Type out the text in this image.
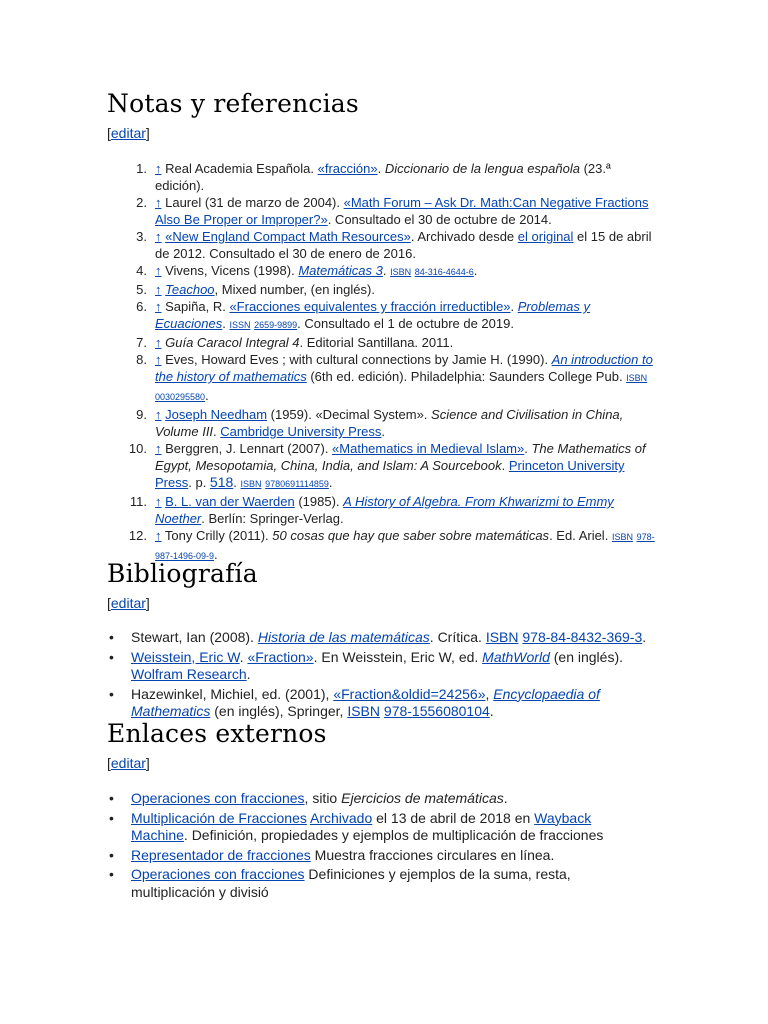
Notas y referencias
[editar]
1. ↑ Real Academia Española. «fracción». Diccionario de la lengua española (23.ª edición).
2. ↑ Laurel (31 de marzo de 2004). «Math Forum – Ask Dr. Math:Can Negative Fractions Also Be Proper or Improper?». Consultado el 30 de octubre de 2014.
3. ↑ «New England Compact Math Resources». Archivado desde el original el 15 de abril de 2012. Consultado el 30 de enero de 2016.
4. ↑ Vivens, Vicens (1998). Matemáticas 3. ISBN 84-316-4644-6.
5. ↑ Teachoo, Mixed number, (en inglés).
6. ↑ Sapiña, R. «Fracciones equivalentes y fracción irreductible». Problemas y Ecuaciones. ISSN 2659-9899. Consultado el 1 de octubre de 2019.
7. ↑ Guía Caracol Integral 4. Editorial Santillana. 2011.
8. ↑ Eves, Howard Eves ; with cultural connections by Jamie H. (1990). An introduction to the history of mathematics (6th ed. edición). Philadelphia: Saunders College Pub. ISBN 0030295580.
9. ↑ Joseph Needham (1959). «Decimal System». Science and Civilisation in China, Volume III. Cambridge University Press.
10. ↑ Berggren, J. Lennart (2007). «Mathematics in Medieval Islam». The Mathematics of Egypt, Mesopotamia, China, India, and Islam: A Sourcebook. Princeton University Press. p. 518. ISBN 9780691114859.
11. ↑ B. L. van der Waerden (1985). A History of Algebra. From Khwarizmi to Emmy Noether. Berlín: Springer-Verlag.
12. ↑ Tony Crilly (2011). 50 cosas que hay que saber sobre matemáticas. Ed. Ariel. ISBN 978-987-1496-09-9.
Bibliografía
[editar]
• Stewart, Ian (2008). Historia de las matemáticas. Crítica. ISBN 978-84-8432-369-3.
• Weisstein, Eric W. «Fraction». En Weisstein, Eric W, ed. MathWorld (en inglés). Wolfram Research.
• Hazewinkel, Michiel, ed. (2001), «Fraction&oldid=24256», Encyclopaedia of Mathematics (en inglés), Springer, ISBN 978-1556080104.
Enlaces externos
[editar]
• Operaciones con fracciones, sitio Ejercicios de matemáticas.
• Multiplicación de Fracciones Archivado el 13 de abril de 2018 en Wayback Machine. Definición, propiedades y ejemplos de multiplicación de fracciones
• Representador de fracciones Muestra fracciones circulares en línea.
• Operaciones con fracciones Definiciones y ejemplos de la suma, resta, multiplicación y divisió
